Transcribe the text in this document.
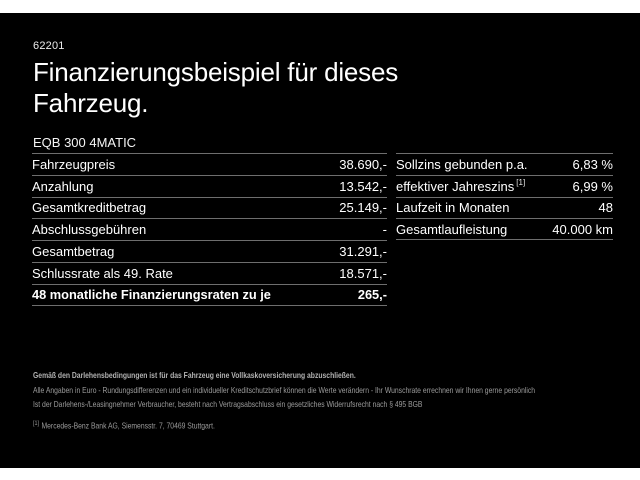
62201
Finanzierungsbeispiel für dieses Fahrzeug.
EQB 300 4MATIC
Fahrzeugpreis	38.690,-
Anzahlung	13.542,-
Gesamtkreditbetrag	25.149,-
Abschlussgebühren	-
Gesamtbetrag	31.291,-
Schlussrate als 49. Rate	18.571,-
48 monatliche Finanzierungsraten zu je	265,-
Sollzins gebunden p.a.	6,83 %
effektiver Jahreszins [1]	6,99 %
Laufzeit in Monaten	48
Gesamtlaufleistung	40.000 km

Gemäß den Darlehensbedingungen ist für das Fahrzeug eine Vollkaskoversicherung abzuschließen.

Alle Angaben in Euro - Rundungsdifferenzen und ein individueller Kreditschutzbrief können die Werte verändern - Ihr Wunschrate errechnen wir Ihnen gerne persönlich

Ist der Darlehens-/Leasingnehmer Verbraucher, besteht nach Vertragsabschluss ein gesetzliches Widerrufsrecht nach § 495 BGB

[1] Mercedes-Benz Bank AG, Siemensstr. 7, 70469 Stuttgart.
